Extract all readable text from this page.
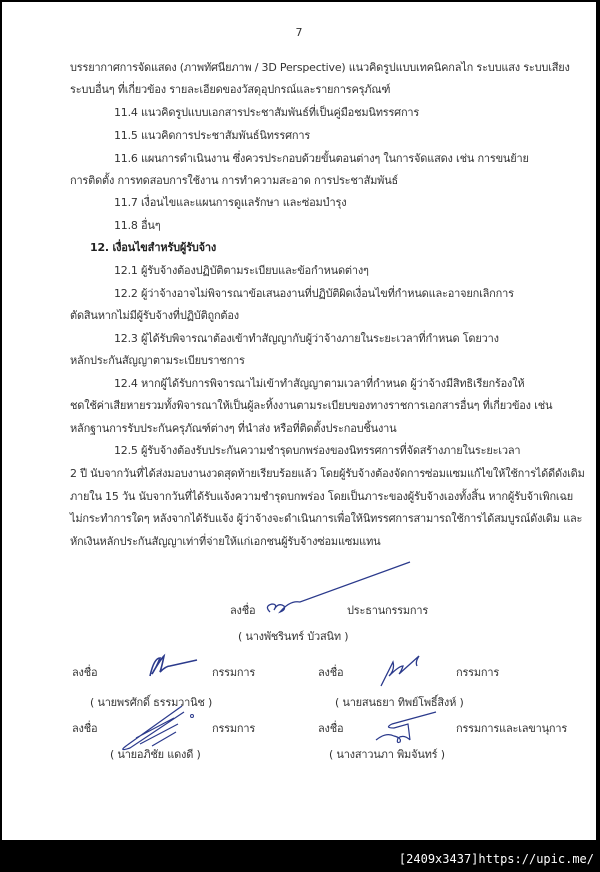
7
บรรยากาศการจัดแสดง (ภาพทัศนียภาพ / 3D Perspective) แนวคิดรูปแบบเทคนิคกลไก ระบบแสง ระบบเสียง
ระบบอื่นๆ ที่เกี่ยวข้อง รายละเอียดของวัสดุอุปกรณ์และรายการครุภัณฑ์
11.4 แนวคิดรูปแบบเอกสารประชาสัมพันธ์ที่เป็นคู่มือชมนิทรรศการ
11.5 แนวคิดการประชาสัมพันธ์นิทรรศการ
11.6 แผนการดำเนินงาน ซึ่งควรประกอบด้วยขั้นตอนต่างๆ ในการจัดแสดง เช่น การขนย้าย
การติดตั้ง การทดสอบการใช้งาน การทำความสะอาด การประชาสัมพันธ์
11.7 เงื่อนไขและแผนการดูแลรักษา และซ่อมบำรุง
11.8 อื่นๆ
12.1 ผู้รับจ้างต้องปฏิบัติตามระเบียบและข้อกำหนดต่างๆ
12.2 ผู้ว่าจ้างอาจไม่พิจารณาข้อเสนองานที่ปฏิบัติผิดเงื่อนไขที่กำหนดและอาจยกเลิกการ
ตัดสินหากไม่มีผู้รับจ้างที่ปฏิบัติถูกต้อง
12.3 ผู้ได้รับพิจารณาต้องเข้าทำสัญญากับผู้ว่าจ้างภายในระยะเวลาที่กำหนด โดยวาง
หลักประกันสัญญาตามระเบียบราชการ
12.4 หากผู้ได้รับการพิจารณาไม่เข้าทำสัญญาตามเวลาที่กำหนด ผู้ว่าจ้างมีสิทธิเรียกร้องให้
ชดใช้ค่าเสียหายรวมทั้งพิจารณาให้เป็นผู้ละทิ้งงานตามระเบียบของทางราชการเอกสารอื่นๆ ที่เกี่ยวข้อง เช่น
หลักฐานการรับประกันครุภัณฑ์ต่างๆ ที่นำส่ง หรือที่ติดตั้งประกอบชิ้นงาน
12.5 ผู้รับจ้างต้องรับประกันความชำรุดบกพร่องของนิทรรศการที่จัดสร้างภายในระยะเวลา
2 ปี นับจากวันที่ได้ส่งมอบงานงวดสุดท้ายเรียบร้อยแล้ว โดยผู้รับจ้างต้องจัดการซ่อมแซมแก้ไขให้ใช้การได้ดีดังเดิม
ภายใน 15 วัน นับจากวันที่ได้รับแจ้งความชำรุดบกพร่อง โดยเป็นภาระของผู้รับจ้างเองทั้งสิ้น หากผู้รับจ้าเพิกเฉย
ไม่กระทำการใดๆ หลังจากได้รับแจ้ง ผู้ว่าจ้างจะดำเนินการเพื่อให้นิทรรศการสามารถใช้การได้สมบูรณ์ดังเดิม และ
หักเงินหลักประกันสัญญาเท่าที่จ่ายให้แก่เอกชนผู้รับจ้างซ่อมแซมแทน
12. เงื่อนไขสำหรับผู้รับจ้าง
ลงชื่อ	ประธานกรรมการ
( นางพัชรินทร์ บัวสนิท )
ลงชื่อ	กรรมการ
( นายพรศักดิ์ ธรรมวานิช )
ลงชื่อ	กรรมการ
( นายสนธยา ทิพย์โพธิ์สิงห์ )
ลงชื่อ	กรรมการ
( นายอภิชัย แดงดี )
ลงชื่อ	กรรมการและเลขานุการ
( นางสาวนภา พิมจันทร์ )
[2409x3437]https://upic.me/
